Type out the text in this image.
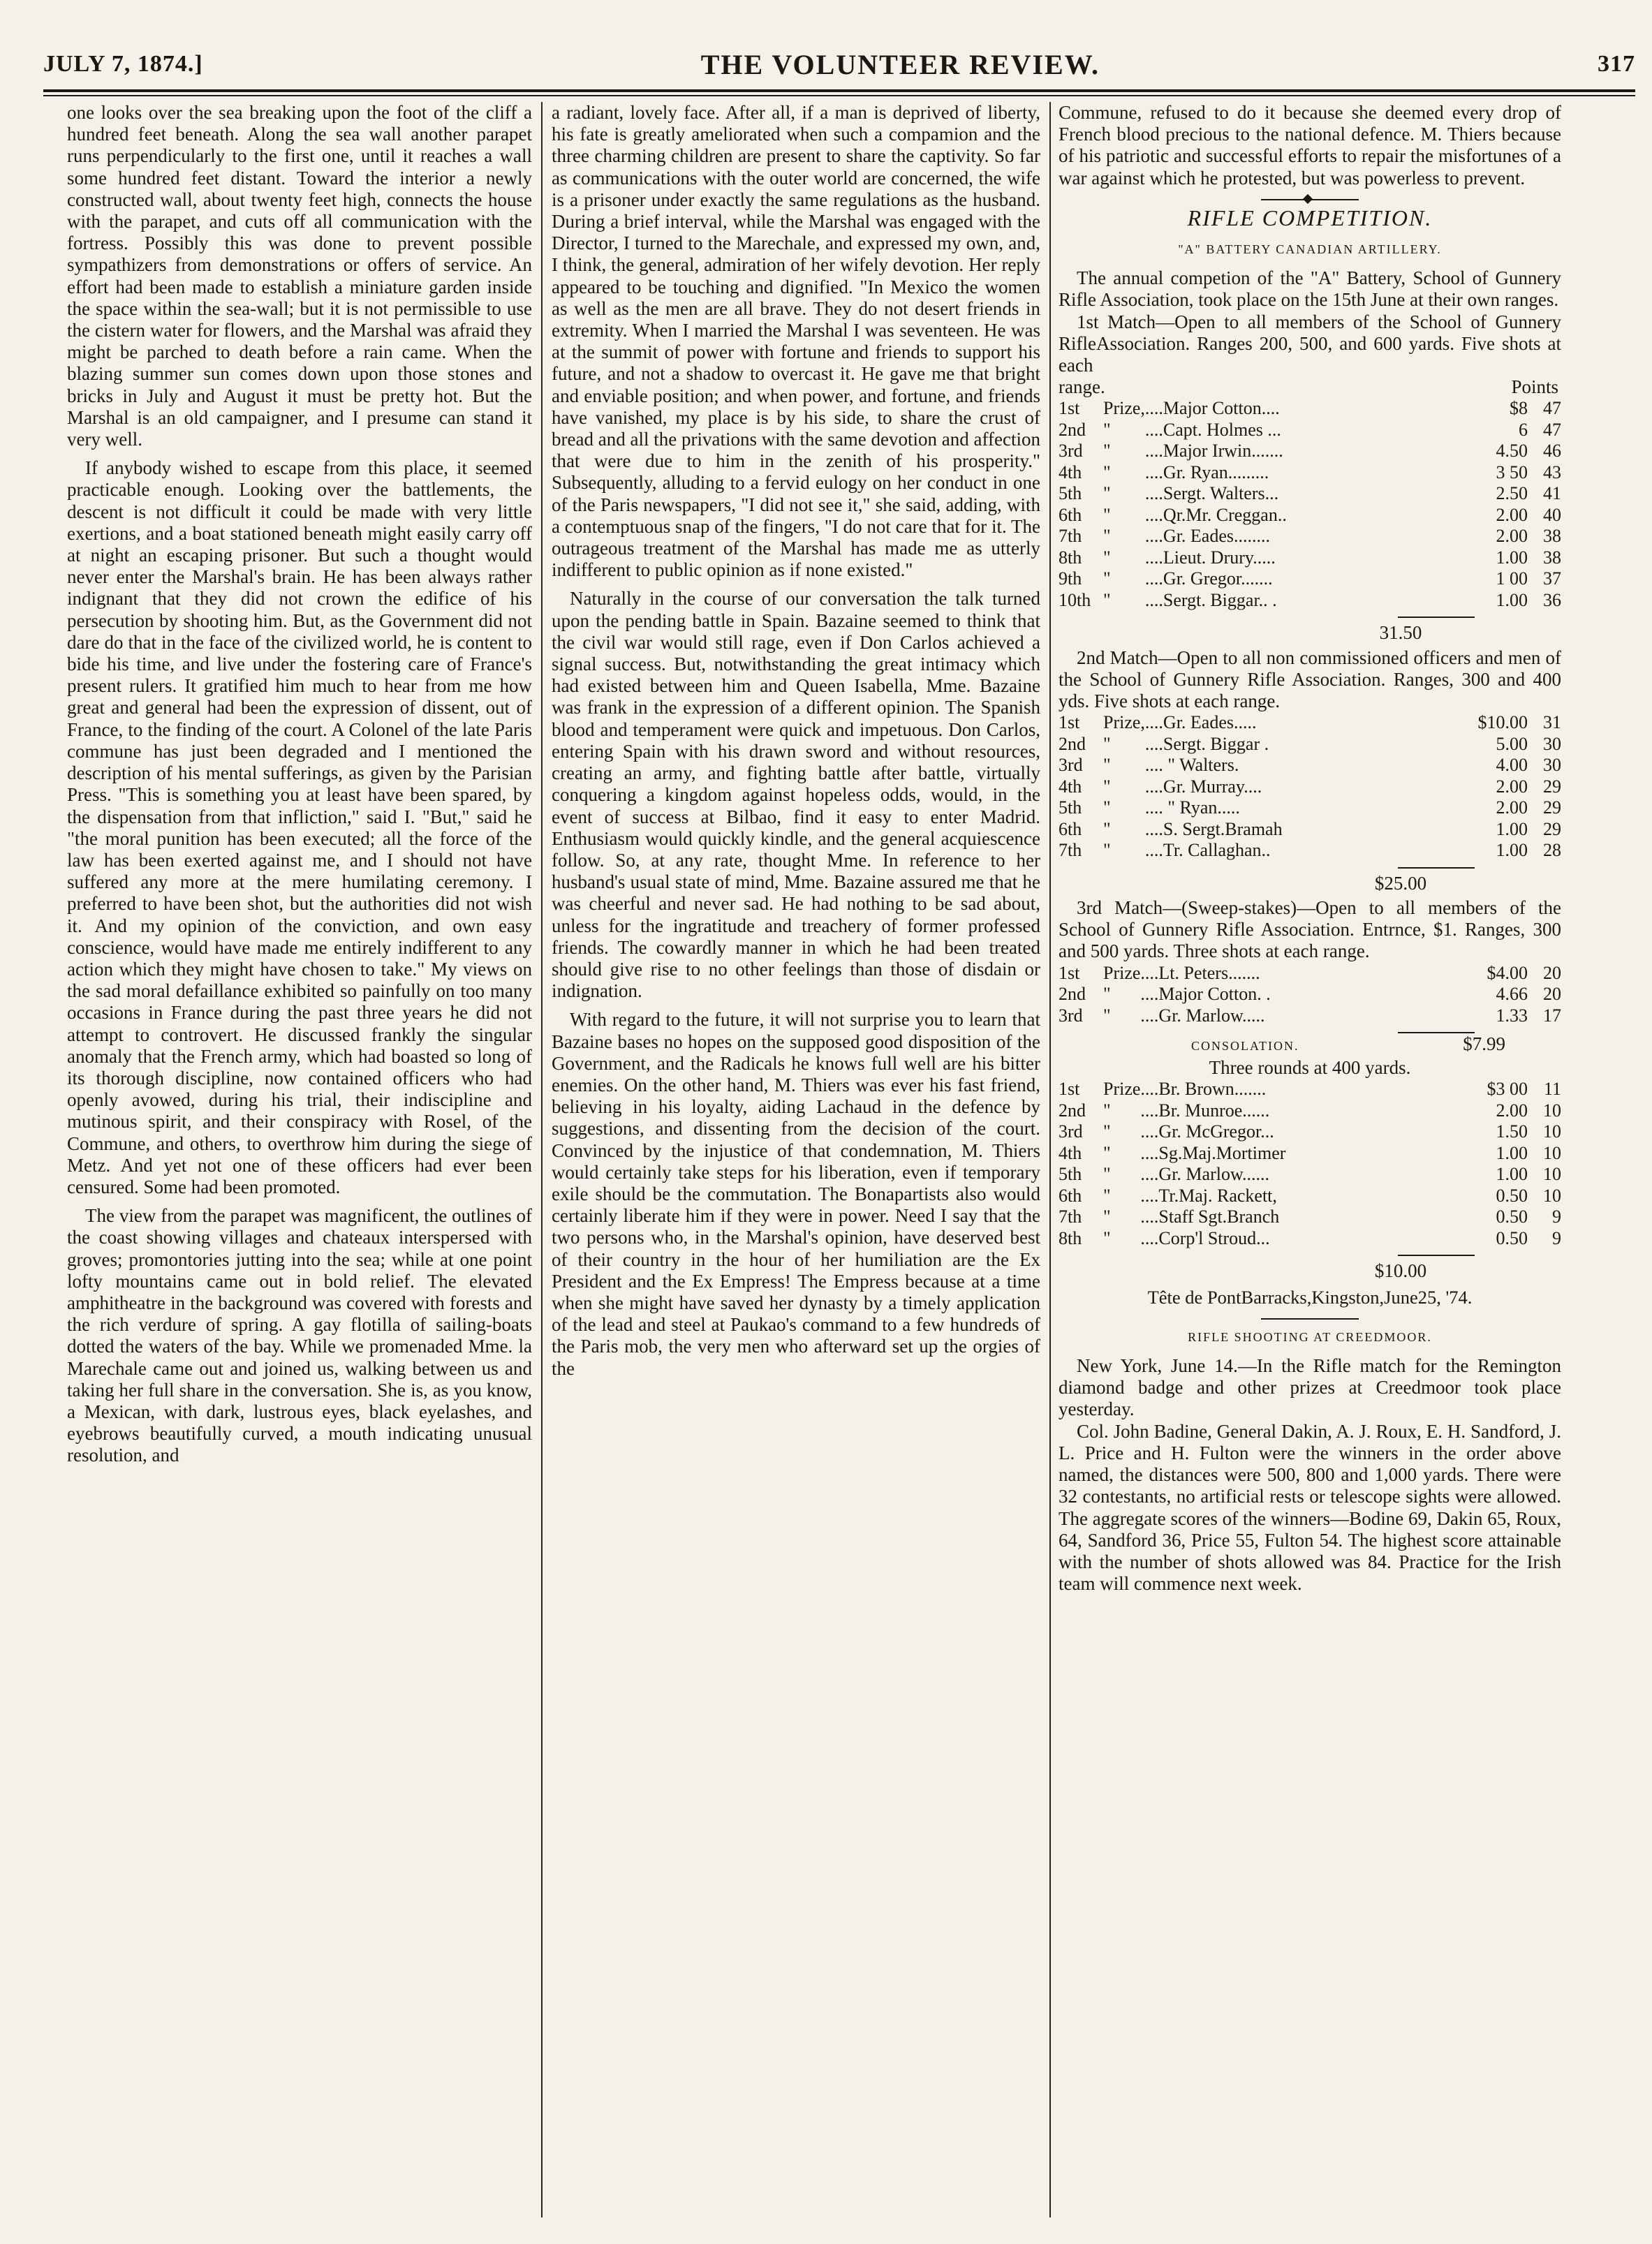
JULY 7, 1874.]	THE VOLUNTEER REVIEW.	317

one looks over the sea breaking upon the foot of the cliff a hundred feet beneath. Along the sea wall another parapet runs perpendicularly to the first one, until it reaches a wall some hundred feet distant. Toward the interior a newly constructed wall, about twenty feet high, connects the house with the parapet, and cuts off all communication with the fortress. Possibly this was done to prevent possible sympathizers from demonstrations or offers of service. An effort had been made to establish a miniature garden inside the space within the sea-wall; but it is not permissible to use the cistern water for flowers, and the Marshal was afraid they might be parched to death before a rain came. When the blazing summer sun comes down upon those stones and bricks in July and August it must be pretty hot. But the Marshal is an old campaigner, and I presume can stand it very well.

If anybody wished to escape from this place, it seemed practicable enough. Looking over the battlements, the descent is not difficult it could be made with very little exertions, and a boat stationed beneath might easily carry off at night an escaping prisoner. But such a thought would never enter the Marshal's brain. He has been always rather indignant that they did not crown the edifice of his persecution by shooting him. But, as the Government did not dare do that in the face of the civilized world, he is content to bide his time, and live under the fostering care of France's present rulers. It gratified him much to hear from me how great and general had been the expression of dissent, out of France, to the finding of the court. A Colonel of the late Paris commune has just been degraded and I mentioned the description of his mental sufferings, as given by the Parisian Press. "This is something you at least have been spared, by the dispensation from that infliction," said I. "But," said he "the moral punition has been executed; all the force of the law has been exerted against me, and I should not have suffered any more at the mere humilating ceremony. I preferred to have been shot, but the authorities did not wish it. And my opinion of the conviction, and own easy conscience, would have made me entirely indifferent to any action which they might have chosen to take." My views on the sad moral defaillance exhibited so painfully on too many occasions in France during the past three years he did not attempt to controvert. He discussed frankly the singular anomaly that the French army, which had boasted so long of its thorough discipline, now contained officers who had openly avowed, during his trial, their indiscipline and mutinous spirit, and their conspiracy with Rosel, of the Commune, and others, to overthrow him during the siege of Metz. And yet not one of these officers had ever been censured. Some had been promoted.

The view from the parapet was magnificent, the outlines of the coast showing villages and chateaux interspersed with groves; promontories jutting into the sea; while at one point lofty mountains came out in bold relief. The elevated amphitheatre in the background was covered with forests and the rich verdure of spring. A gay flotilla of sailing-boats dotted the waters of the bay. While we promenaded Mme. la Marechale came out and joined us, walking between us and taking her full share in the conversation. She is, as you know, a Mexican, with dark, lustrous eyes, black eyelashes, and eyebrows beautifully curved, a mouth indicating unusual resolution, and

a radiant, lovely face. After all, if a man is deprived of liberty, his fate is greatly ameliorated when such a compamion and the three charming children are present to share the captivity. So far as communications with the outer world are concerned, the wife is a prisoner under exactly the same regulations as the husband. During a brief interval, while the Marshal was engaged with the Director, I turned to the Marechale, and expressed my own, and, I think, the general, admiration of her wifely devotion. Her reply appeared to be touching and dignified. "In Mexico the women as well as the men are all brave. They do not desert friends in extremity. When I married the Marshal I was seventeen. He was at the summit of power with fortune and friends to support his future, and not a shadow to overcast it. He gave me that bright and enviable position; and when power, and fortune, and friends have vanished, my place is by his side, to share the crust of bread and all the privations with the same devotion and affection that were due to him in the zenith of his prosperity." Subsequently, alluding to a fervid eulogy on her conduct in one of the Paris newspapers, "I did not see it," she said, adding, with a contemptuous snap of the fingers, "I do not care that for it. The outrageous treatment of the Marshal has made me as utterly indifferent to public opinion as if none existed."

Naturally in the course of our conversation the talk turned upon the pending battle in Spain. Bazaine seemed to think that the civil war would still rage, even if Don Carlos achieved a signal success. But, notwithstanding the great intimacy which had existed between him and Queen Isabella, Mme. Bazaine was frank in the expression of a different opinion. The Spanish blood and temperament were quick and impetuous. Don Carlos, entering Spain with his drawn sword and without resources, creating an army, and fighting battle after battle, virtually conquering a kingdom against hopeless odds, would, in the event of success at Bilbao, find it easy to enter Madrid. Enthusiasm would quickly kindle, and the general acquiescence follow. So, at any rate, thought Mme. In reference to her husband's usual state of mind, Mme. Bazaine assured me that he was cheerful and never sad. He had nothing to be sad about, unless for the ingratitude and treachery of former professed friends. The cowardly manner in which he had been treated should give rise to no other feelings than those of disdain or indignation.

With regard to the future, it will not surprise you to learn that Bazaine bases no hopes on the supposed good disposition of the Government, and the Radicals he knows full well are his bitter enemies. On the other hand, M. Thiers was ever his fast friend, believing in his loyalty, aiding Lachaud in the defence by suggestions, and dissenting from the decision of the court. Convinced by the injustice of that condemnation, M. Thiers would certainly take steps for his liberation, even if temporary exile should be the commutation. The Bonapartists also would certainly liberate him if they were in power. Need I say that the two persons who, in the Marshal's opinion, have deserved best of their country in the hour of her humiliation are the Ex President and the Ex Empress! The Empress because at a time when she might have saved her dynasty by a timely application of the lead and steel at Paukao's command to a few hundreds of the Paris mob, the very men who afterward set up the orgies of the

Commune, refused to do it because she deemed every drop of French blood precious to the national defence. M. Thiers because of his patriotic and successful efforts to repair the misfortunes of a war against which he protested, but was powerless to prevent.

RIFLE COMPETITION.
"A" BATTERY CANADIAN ARTILLERY.

The annual competion of the "A" Battery, School of Gunnery Rifle Association, took place on the 15th June at their own ranges.

1st Match—Open to all members of the School of Gunnery RifleAssociation. Ranges 200, 500, and 600 yards. Five shots at each

range.	Points
1st	Prize,	....Major Cotton....	$8	47
2nd	"	....Capt. Holmes ...	6	47
3rd	"	....Major Irwin.......	4.50	46
4th	"	....Gr. Ryan.........	3 50	43
5th	"	....Sergt. Walters...	2.50	41
6th	"	....Qr.Mr. Creggan..	2.00	40
7th	"	....Gr. Eades........	2.00	38
8th	"	....Lieut. Drury.....	1.00	38
9th	"	....Gr. Gregor.......	1 00	37
10th	"	....Sergt. Biggar.. .	1.00	36
31.50

2nd Match—Open to all non commissioned officers and men of the School of Gunnery Rifle Association. Ranges, 300 and 400 yds. Five shots at each range.

1st	Prize,	....Gr. Eades.....	$10.00	31
2nd	"	....Sergt. Biggar .	5.00	30
3rd	"	.... " Walters.	4.00	30
4th	"	....Gr. Murray....	2.00	29
5th	"	.... " Ryan.....	2.00	29
6th	"	....S. Sergt.Bramah	1.00	29
7th	"	....Tr. Callaghan..	1.00	28
$25.00

3rd Match—(Sweep-stakes)—Open to all members of the School of Gunnery Rifle Association. Entrnce, $1. Ranges, 300 and 500 yards. Three shots at each range.

1st	Prize	....Lt. Peters.......	$4.00	20
2nd	"	....Major Cotton. .	4.66	20
3rd	"	....Gr. Marlow.....	1.33	17
CONSOLATION.	$7.99
Three rounds at 400 yards.
1st	Prize	....Br. Brown.......	$3 00	11
2nd	"	....Br. Munroe......	2.00	10
3rd	"	....Gr. McGregor...	1.50	10
4th	"	....Sg.Maj.Mortimer	1.00	10
5th	"	....Gr. Marlow......	1.00	10
6th	"	....Tr.Maj. Rackett,	0.50	10
7th	"	....Staff Sgt.Branch	0.50	9
8th	"	....Corp'l Stroud...	0.50	9
$10.00
Tête de PontBarracks,Kingston,June25, '74.
RIFLE SHOOTING AT CREEDMOOR.

New York, June 14.—In the Rifle match for the Remington diamond badge and other prizes at Creedmoor took place yesterday.

Col. John Badine, General Dakin, A. J. Roux, E. H. Sandford, J. L. Price and H. Fulton were the winners in the order above named, the distances were 500, 800 and 1,000 yards. There were 32 contestants, no artificial rests or telescope sights were allowed. The aggregate scores of the winners—Bodine 69, Dakin 65, Roux, 64, Sandford 36, Price 55, Fulton 54. The highest score attainable with the number of shots allowed was 84. Practice for the Irish team will commence next week.
